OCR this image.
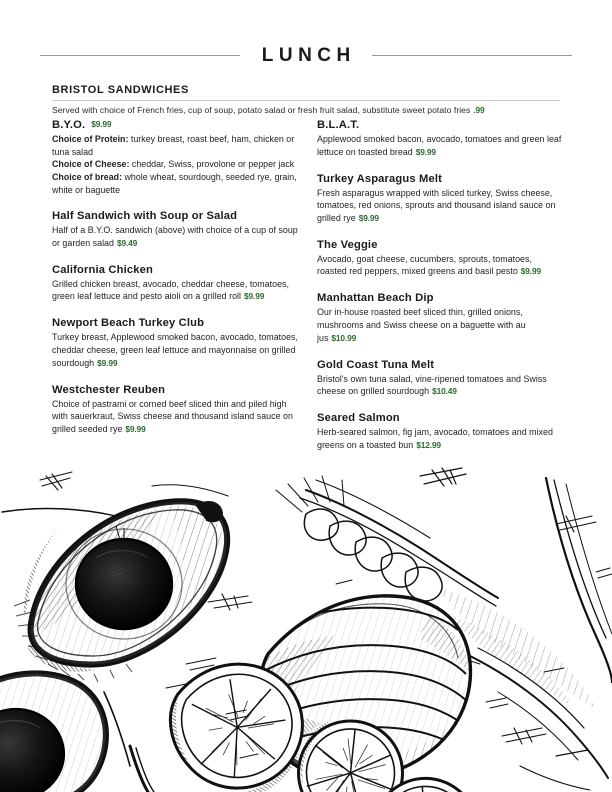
LUNCH
BRISTOL SANDWICHES

Served with choice of French fries, cup of soup, potato salad or fresh fruit salad, substitute sweet potato fries .99

B.Y.O. $9.99

Choice of Protein: turkey breast, roast beef, ham, chicken or tuna salad

Choice of Cheese: cheddar, Swiss, provolone or pepper jack

Choice of bread: whole wheat, sourdough, seeded rye, grain, white or baguette

Half Sandwich with Soup or Salad

Half of a B.Y.O. sandwich (above) with choice of a cup of soup or garden salad $9.49

California Chicken

Grilled chicken breast, avocado, cheddar cheese, tomatoes, green leaf lettuce and pesto aioli on a grilled roll $9.99

Newport Beach Turkey Club

Turkey breast, Applewood smoked bacon, avocado, tomatoes, cheddar cheese, green leaf lettuce and mayonnaise on grilled sourdough $9.99

Westchester Reuben

Choice of pastrami or corned beef sliced thin and piled high with sauerkraut, Swiss cheese and thousand island sauce on grilled seeded rye $9.99

B.L.A.T.

Applewood smoked bacon, avocado, tomatoes and green leaf lettuce on toasted bread $9.99

Turkey Asparagus Melt

Fresh asparagus wrapped with sliced turkey, Swiss cheese, tomatoes, red onions, sprouts and thousand island sauce on grilled rye $9.99

The Veggie

Avocado, goat cheese, cucumbers, sprouts, tomatoes, roasted red peppers, mixed greens and basil pesto $9.99

Manhattan Beach Dip

Our in-house roasted beef sliced thin, grilled onions, mushrooms and Swiss cheese on a baguette with au jus $10.99

Gold Coast Tuna Melt

Bristol's own tuna salad, vine-ripened tomatoes and Swiss cheese on grilled sourdough $10.49

Seared Salmon

Herb-seared salmon, fig jam, avocado, tomatoes and mixed greens on a toasted bun $12.99
